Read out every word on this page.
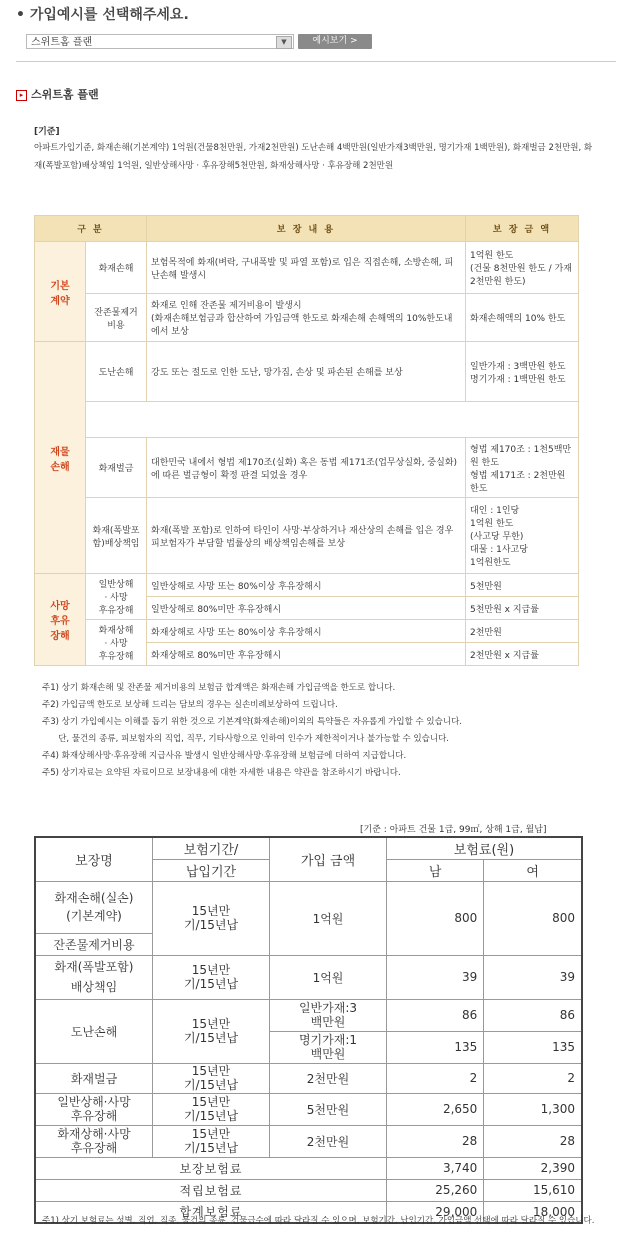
• 가입예시를 선택해주세요.
스위트홈 플랜	▼	예시보기 >
▸ 스위트홈 플랜
[기준]
아파트가입기준, 화재손해(기본계약) 1억원(건물8천만원, 가재2천만원) 도난손해 4백만원(일반가재3백만원, 명기가재 1백만원), 화재벌금 2천만원, 화재(폭발포함)배상책임 1억원, 일반상해사망 · 후유장해5천만원, 화재상해사망 · 후유장해 2천만원
구 분		보 장 내 용	보 장 금 액
기본
계약	화재손해	보험목적에 화재(벼락, 구내폭발 및 파열 포함)로 입은 직접손해, 소방손해, 피난손해 발생시	1억원 한도
(건물 8천만원 한도 / 가재 2천만원 한도)
	잔존물제거비용	화재로 인해 잔존물 제거비용이 발생시
(화재손해보험금과 합산하여 가입금액 한도로 화재손해 손해액의 10%한도내에서 보상	화재손해액의 10% 한도
재물
손해	도난손해	강도 또는 절도로 인한 도난, 망가짐, 손상 및 파손된 손해를 보상	일반가재 : 3백만원 한도
명기가재 : 1백만원 한도

	화재벌금	대한민국 내에서 형법 제170조(실화) 혹은 동법 제171조(업무상실화, 중실화)에 따른 벌금형이 확정 판결 되었을 경우	형법 제170조 : 1천5백만원 한도
형법 제171조 : 2천만원 한도
	화재(폭발포함)배상책임	화재(폭발 포함)로 인하여 타인이 사망·부상하거나 재산상의 손해를 입은 경우 피보험자가 부담할 법률상의 배상책임손해를 보상	대인 : 1인당
1억원 한도
(사고당 무한)
대물 : 1사고당
1억원한도
사망
후유
장해	일반상해
· 사망
후유장해	일반상해로 사망 또는 80%이상 후유장해시	5천만원
		일반상해로 80%미만 후유장해시	5천만원 x 지급률
	화재상해
· 사망
후유장해	화재상해로 사망 또는 80%이상 후유장해시	2천만원
		화재상해로 80%미만 후유장해시	2천만원 x 지급률
주1) 상기 화재손해 및 잔존물 제거비용의 보험금 합계액은 화재손해 가입금액을 한도로 합니다.
주2) 가입금액 한도로 보상해 드리는 담보의 경우는 실손비례보상하여 드립니다.
주3) 상기 가입예시는 이해를 돕기 위한 것으로 기본계약(화재손해)이외의 특약들은 자유롭게 가입할 수 있습니다.
단, 물건의 종류, 피보험자의 직업, 직무, 기타사항으로 인하여 인수가 제한적이거나 불가능할 수 있습니다.
주4) 화재상해사망·후유장해 지급사유 발생시 일반상해사망·후유장해 보험금에 더하여 지급합니다.
주5) 상기자료는 요약된 자료이므로 보장내용에 대한 자세한 내용은 약관을 참조하시기 바랍니다.
[기준 : 아파트 건물 1급, 99㎡, 상해 1급, 월납]
보장명	보험기간/	가입 금액	보험료(원)	
	납입기간		남	여
화재손해(실손)
(기본계약)	15년만
기/15년납	1억원	800	800
잔존물제거비용				
화재(폭발포함)
배상책임	15년만
기/15년납	1억원	39	39
도난손해	15년만
기/15년납	일반가재:3
백만원	86	86
		명기가재:1
백만원	135	135
화재벌금	15년만
기/15년납	2천만원	2	2
일반상해·사망
후유장해	15년만
기/15년납	5천만원	2,650	1,300
화재상해·사망
후유장해	15년만
기/15년납	2천만원	28	28
보장보험료			3,740	2,390
적립보험료			25,260	15,610
합계보험료			29,000	18,000
주1) 상기 보험료는 성별, 직업, 직종, 물건의 종류, 건물급수에 따라 달라질 수 있으며, 보험기간, 납입기간, 가입금액 선택에 따라 달라질 수 있습니다.
